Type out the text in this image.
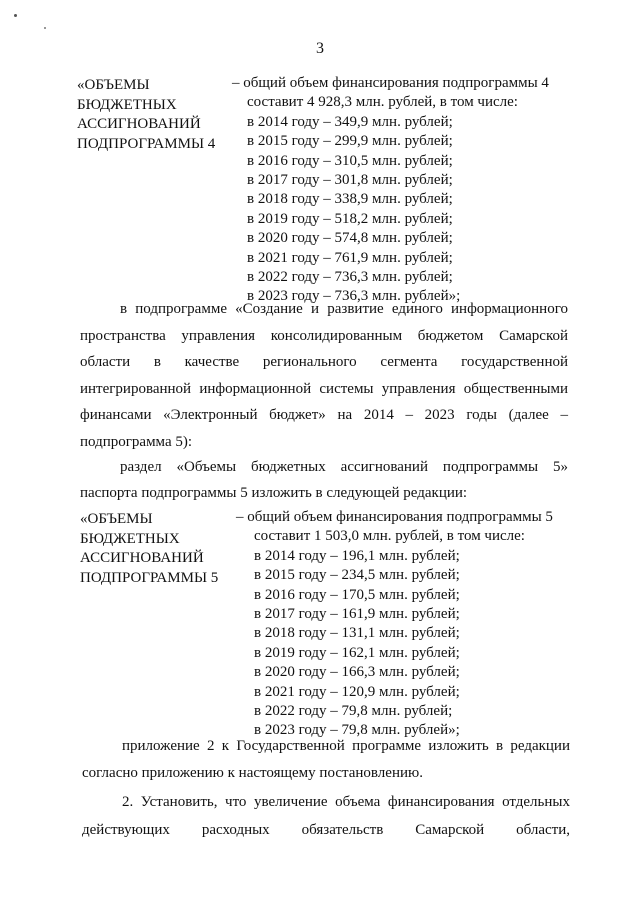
3
«ОБЪЕМЫ
БЮДЖЕТНЫХ
АССИГНОВАНИЙ
ПОДПРОГРАММЫ 4
– общий объем финансирования подпрограммы 4
составит 4 928,3 млн. рублей, в том числе:
в 2014 году – 349,9 млн. рублей;
в 2015 году – 299,9 млн. рублей;
в 2016 году – 310,5 млн. рублей;
в 2017 году – 301,8 млн. рублей;
в 2018 году – 338,9 млн. рублей;
в 2019 году – 518,2 млн. рублей;
в 2020 году – 574,8 млн. рублей;
в 2021 году – 761,9 млн. рублей;
в 2022 году – 736,3 млн. рублей;
в 2023 году – 736,3 млн. рублей»;
в подпрограмме «Создание и развитие единого информационного
пространства управления консолидированным бюджетом Самарской
области в качестве регионального сегмента государственной
интегрированной информационной системы управления общественными
финансами «Электронный бюджет» на 2014 – 2023 годы (далее –
подпрограмма 5):
раздел «Объемы бюджетных ассигнований подпрограммы 5»
паспорта подпрограммы 5 изложить в следующей редакции:
«ОБЪЕМЫ
БЮДЖЕТНЫХ
АССИГНОВАНИЙ
ПОДПРОГРАММЫ 5
– общий объем финансирования подпрограммы 5
составит 1 503,0 млн. рублей, в том числе:
в 2014 году – 196,1 млн. рублей;
в 2015 году – 234,5 млн. рублей;
в 2016 году – 170,5 млн. рублей;
в 2017 году – 161,9 млн. рублей;
в 2018 году – 131,1 млн. рублей;
в 2019 году – 162,1 млн. рублей;
в 2020 году – 166,3 млн. рублей;
в 2021 году – 120,9 млн. рублей;
в 2022 году – 79,8 млн. рублей;
в 2023 году – 79,8 млн. рублей»;
приложение 2 к Государственной программе изложить в редакции
согласно приложению к настоящему постановлению.
2. Установить, что увеличение объема финансирования отдельных
действующих расходных обязательств Самарской области,
